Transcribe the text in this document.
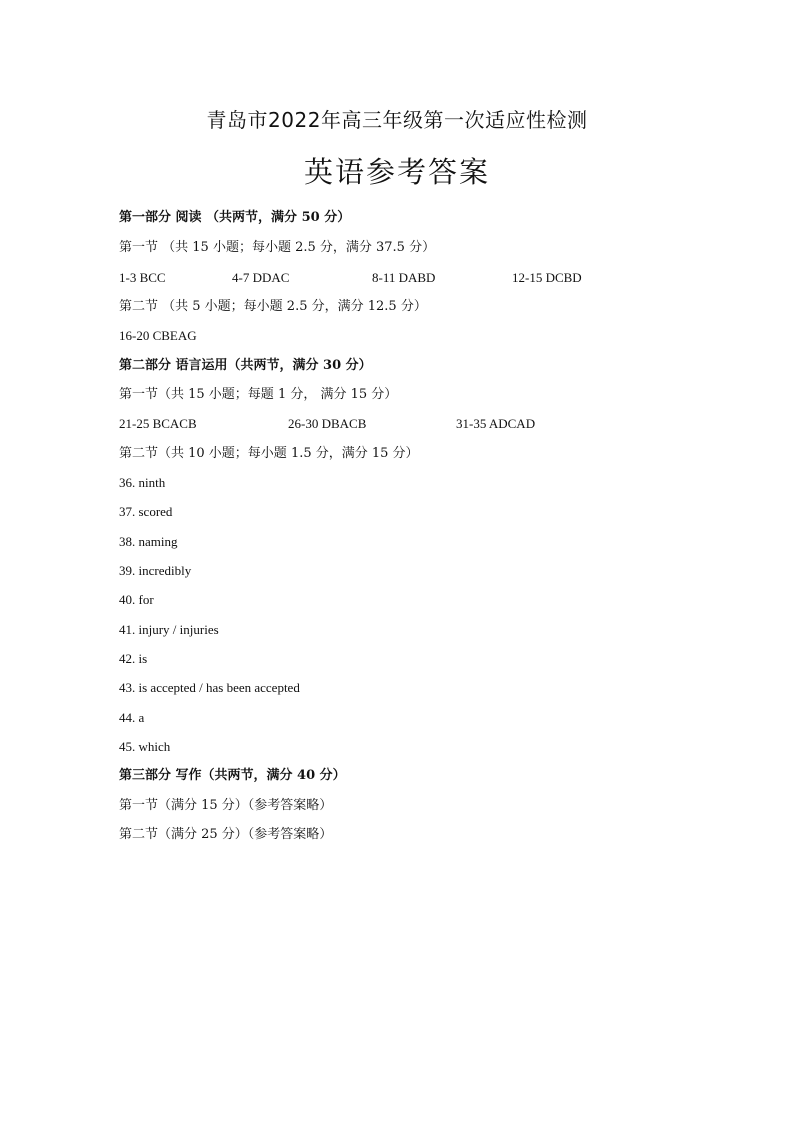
青岛市2022年高三年级第一次适应性检测
英语参考答案
第一部分 阅读 （共两节，满分 50 分）
第一节 （共 15 小题；每小题 2.5 分，满分 37.5 分）
1-3 BCC	4-7 DDAC	8-11 DABD	12-15 DCBD
第二节 （共 5 小题；每小题 2.5 分，满分 12.5 分）
16-20 CBEAG
第二部分 语言运用（共两节，满分 30 分）
第一节（共 15 小题；每题 1 分， 满分 15 分）
21-25 BCACB	26-30 DBACB	31-35 ADCAD
第二节（共 10 小题；每小题 1.5 分，满分 15 分）
36. ninth
37. scored
38. naming
39. incredibly
40. for
41. injury / injuries
42. is
43. is accepted / has been accepted
44. a
45. which
第三部分 写作（共两节，满分 40 分）
第一节（满分 15 分）（参考答案略）
第二节（满分 25 分）（参考答案略）
